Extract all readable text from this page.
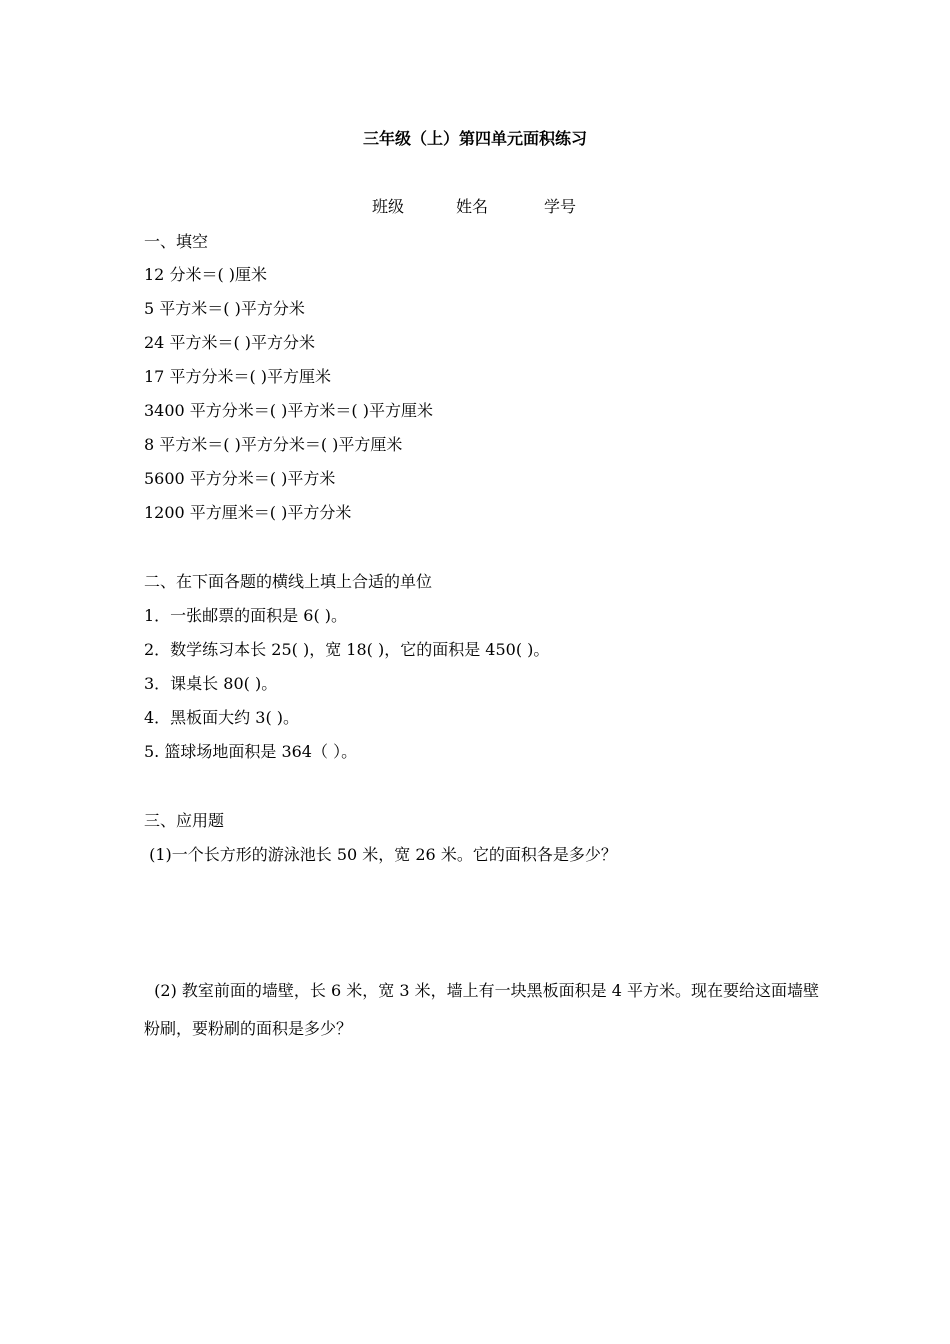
三年级（上）第四单元面积练习
班级	姓名	学号
一、填空
12 分米＝( )厘米
5 平方米＝( )平方分米
24 平方米＝( )平方分米
17 平方分米＝( )平方厘米
3400 平方分米＝( )平方米＝( )平方厘米
8 平方米＝( )平方分米＝( )平方厘米
5600 平方分米＝( )平方米
1200 平方厘米＝( )平方分米
二、在下面各题的横线上填上合适的单位
1．一张邮票的面积是 6( )。
2．数学练习本长 25( )，宽 18( )，它的面积是 450( )。
3．课桌长 80( )。
4．黑板面大约 3( )。
5. 篮球场地面积是 364（ ）。
三、应用题
(1)一个长方形的游泳池长 50 米，宽 26 米。它的面积各是多少？
(2) 教室前面的墙壁，长 6 米，宽 3 米，墙上有一块黑板面积是 4 平方米。现在要给这面墙壁
粉刷，要粉刷的面积是多少？
